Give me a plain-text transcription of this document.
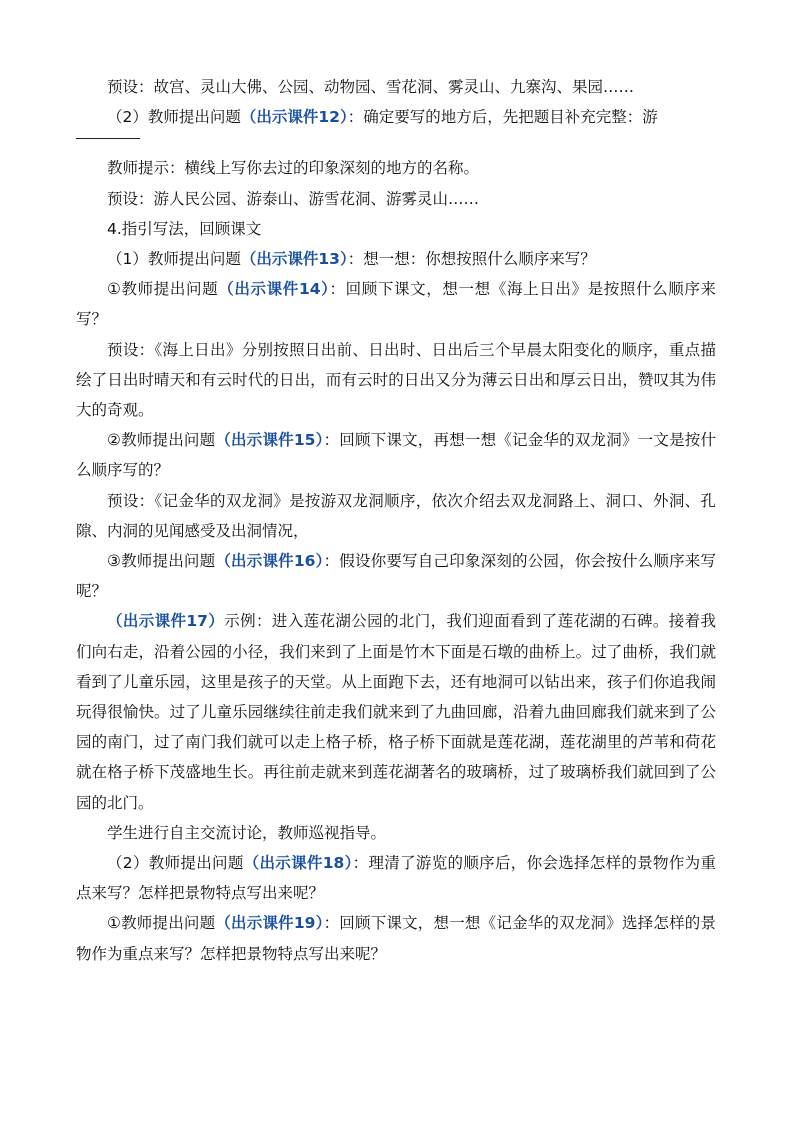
预设：故宫、灵山大佛、公园、动物园、雪花洞、雾灵山、九寨沟、果园……

（2）教师提出问题（出示课件12）：确定要写的地方后，先把题目补充完整：游

教师提示：横线上写你去过的印象深刻的地方的名称。

预设：游人民公园、游泰山、游雪花洞、游雾灵山……

4.指引写法，回顾课文

（1）教师提出问题（出示课件13）：想一想：你想按照什么顺序来写？

①教师提出问题（出示课件14）：回顾下课文，想一想《海上日出》是按照什么顺序来写？

预设：《海上日出》分别按照日出前、日出时、日出后三个早晨太阳变化的顺序，重点描绘了日出时晴天和有云时代的日出，而有云时的日出又分为薄云日出和厚云日出，赞叹其为伟大的奇观。

②教师提出问题（出示课件15）：回顾下课文，再想一想《记金华的双龙洞》一文是按什么顺序写的？

预设：《记金华的双龙洞》是按游双龙洞顺序，依次介绍去双龙洞路上、洞口、外洞、孔隙、内洞的见闻感受及出洞情况，

③教师提出问题（出示课件16）：假设你要写自己印象深刻的公园，你会按什么顺序来写呢？

（出示课件17）示例：进入莲花湖公园的北门，我们迎面看到了莲花湖的石碑。接着我们向右走，沿着公园的小径，我们来到了上面是竹木下面是石墩的曲桥上。过了曲桥，我们就看到了儿童乐园，这里是孩子的天堂。从上面跑下去，还有地洞可以钻出来，孩子们你追我闹玩得很愉快。过了儿童乐园继续往前走我们就来到了九曲回廊，沿着九曲回廊我们就来到了公园的南门，过了南门我们就可以走上格子桥，格子桥下面就是莲花湖，莲花湖里的芦苇和荷花就在格子桥下茂盛地生长。再往前走就来到莲花湖著名的玻璃桥，过了玻璃桥我们就回到了公园的北门。

学生进行自主交流讨论，教师巡视指导。

（2）教师提出问题（出示课件18）：理清了游览的顺序后，你会选择怎样的景物作为重点来写？怎样把景物特点写出来呢？

①教师提出问题（出示课件19）：回顾下课文，想一想《记金华的双龙洞》选择怎样的景物作为重点来写？怎样把景物特点写出来呢？
